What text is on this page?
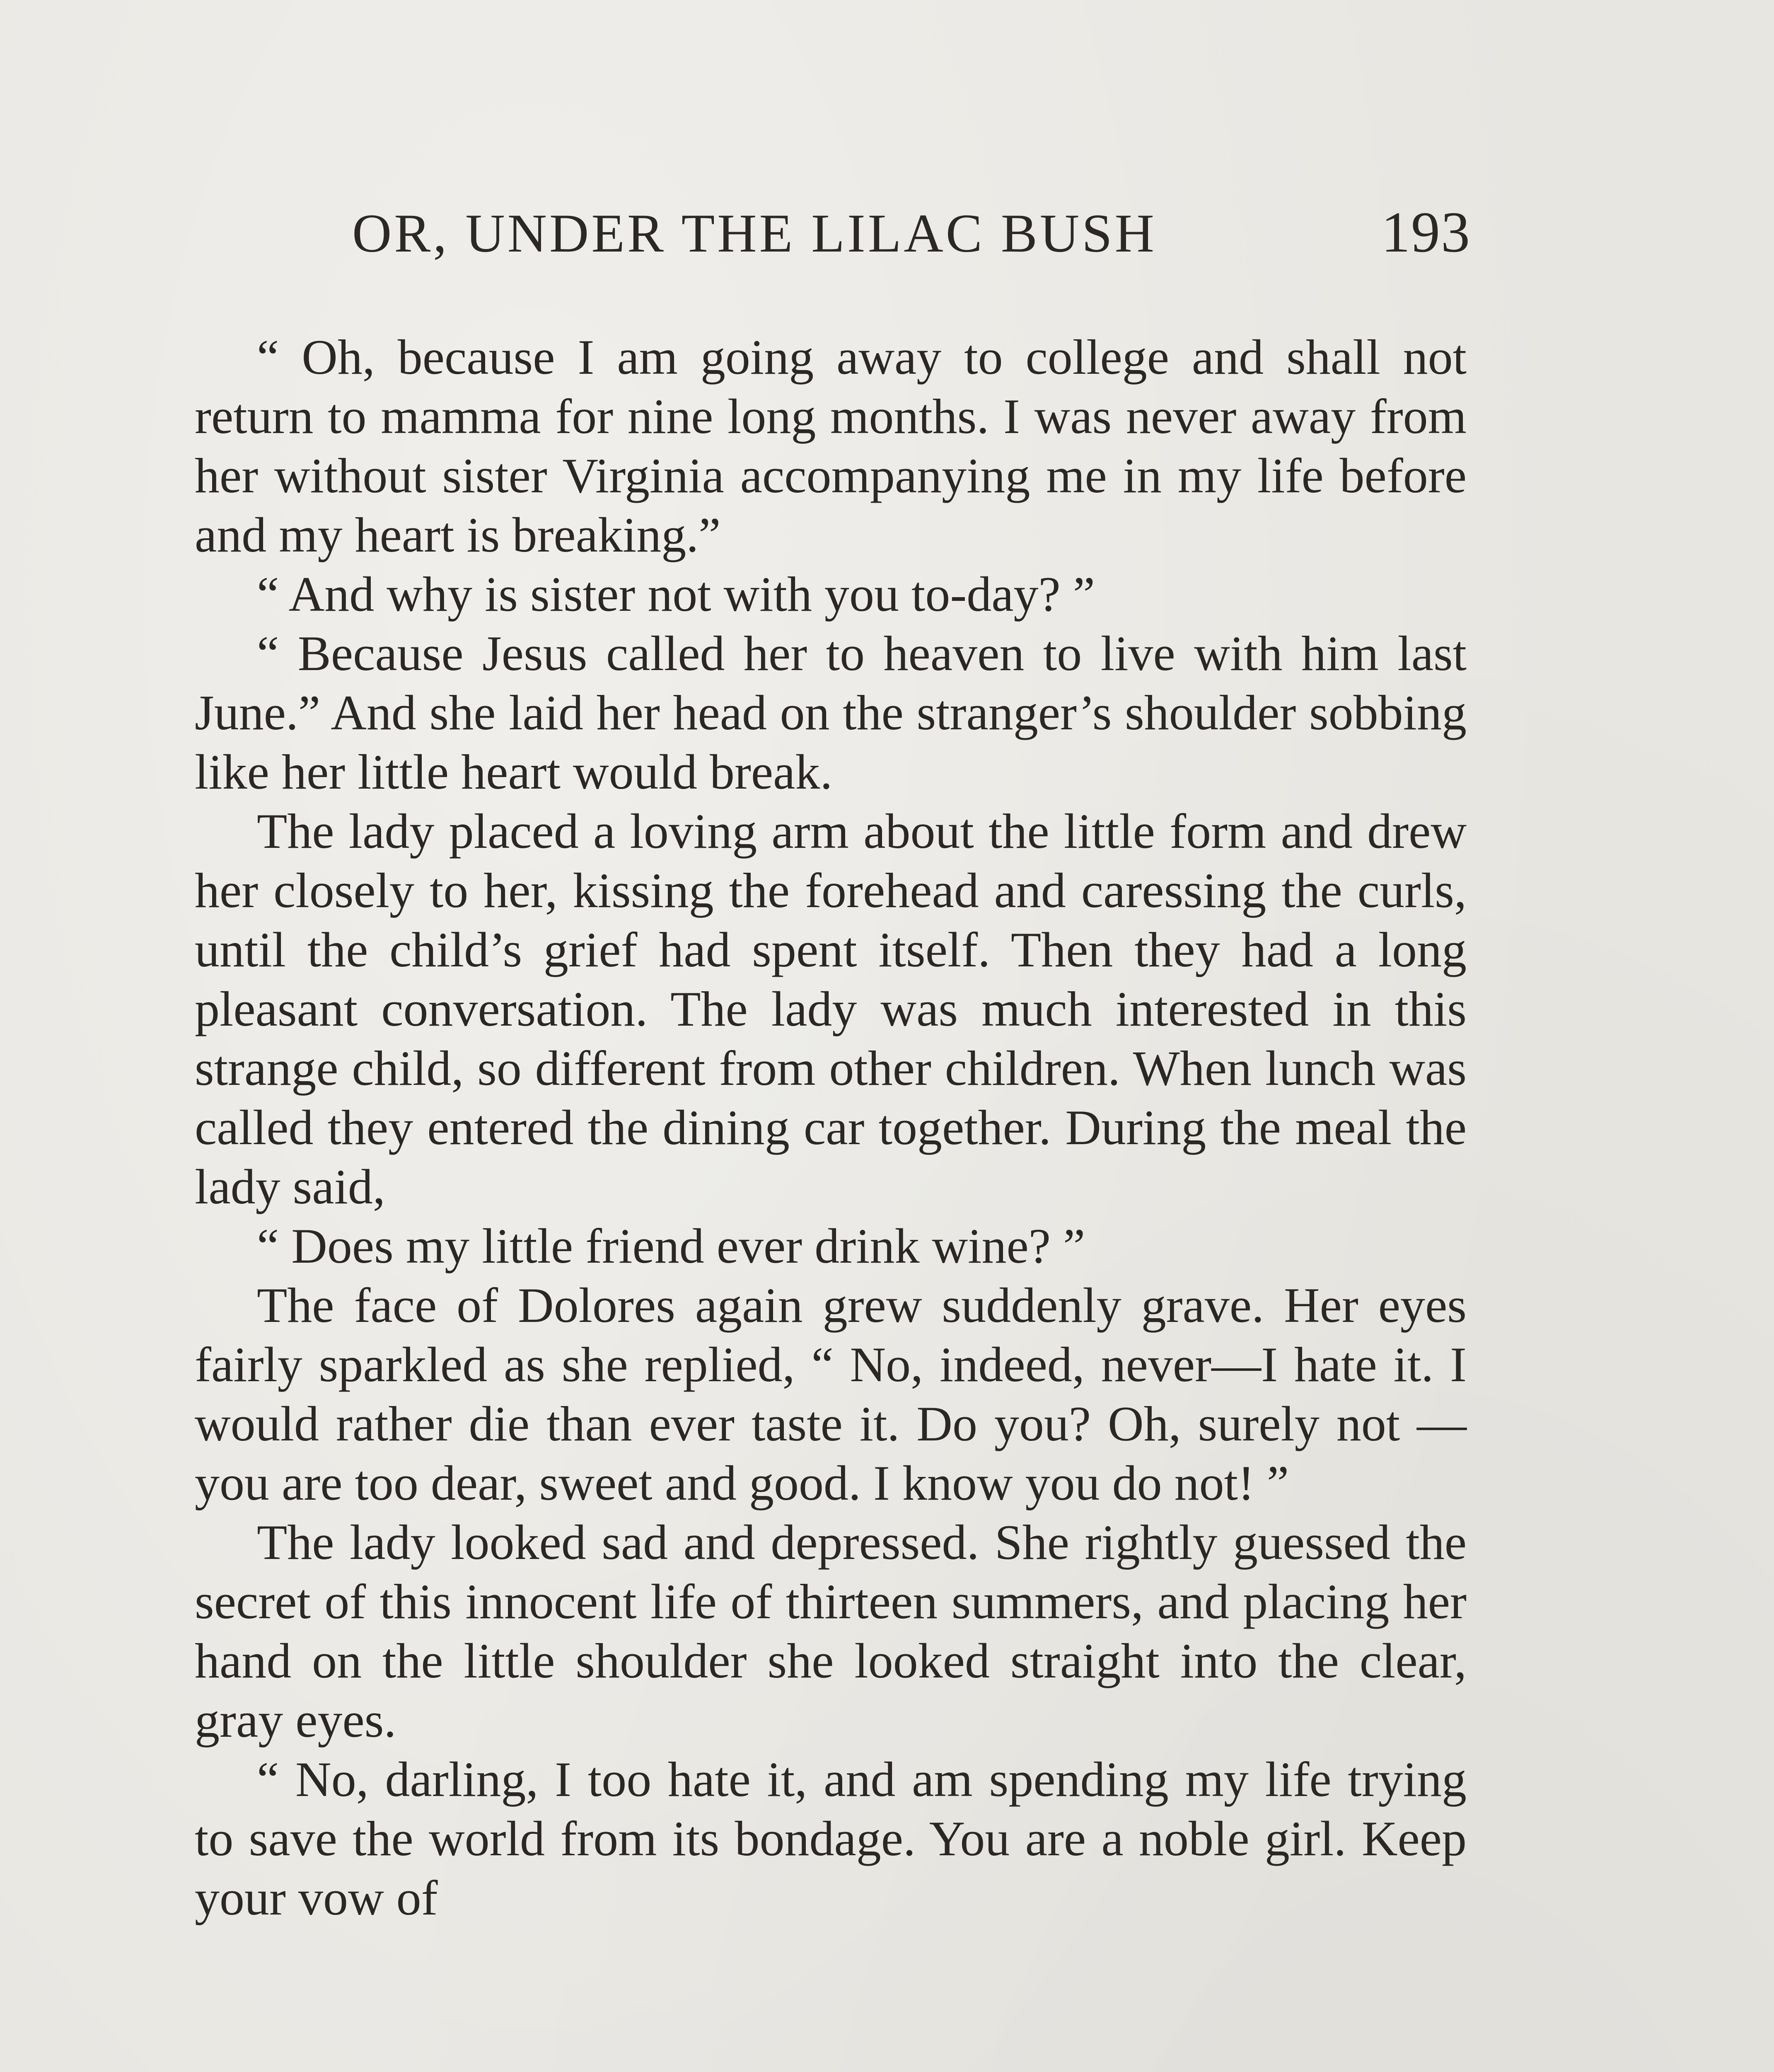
OR, UNDER THE LILAC BUSH	193

“ Oh, because I am going away to college and shall not return to mamma for nine long months. I was never away from her without sister Virginia accompanying me in my life before and my heart is breaking.”

“ And why is sister not with you to-day? ”

“ Because Jesus called her to heaven to live with him last June.” And she laid her head on the stranger’s shoulder sobbing like her little heart would break.

The lady placed a loving arm about the little form and drew her closely to her, kissing the forehead and caressing the curls, until the child’s grief had spent itself. Then they had a long pleasant conversation. The lady was much interested in this strange child, so different from other children. When lunch was called they entered the dining car together. During the meal the lady said,

“ Does my little friend ever drink wine? ”

The face of Dolores again grew suddenly grave. Her eyes fairly sparkled as she replied, “ No, indeed, never—I hate it. I would rather die than ever taste it. Do you? Oh, surely not —you are too dear, sweet and good. I know you do not! ”

The lady looked sad and depressed. She rightly guessed the secret of this innocent life of thirteen summers, and placing her hand on the little shoulder she looked straight into the clear, gray eyes.

“ No, darling, I too hate it, and am spending my life trying to save the world from its bondage. You are a noble girl. Keep your vow of
